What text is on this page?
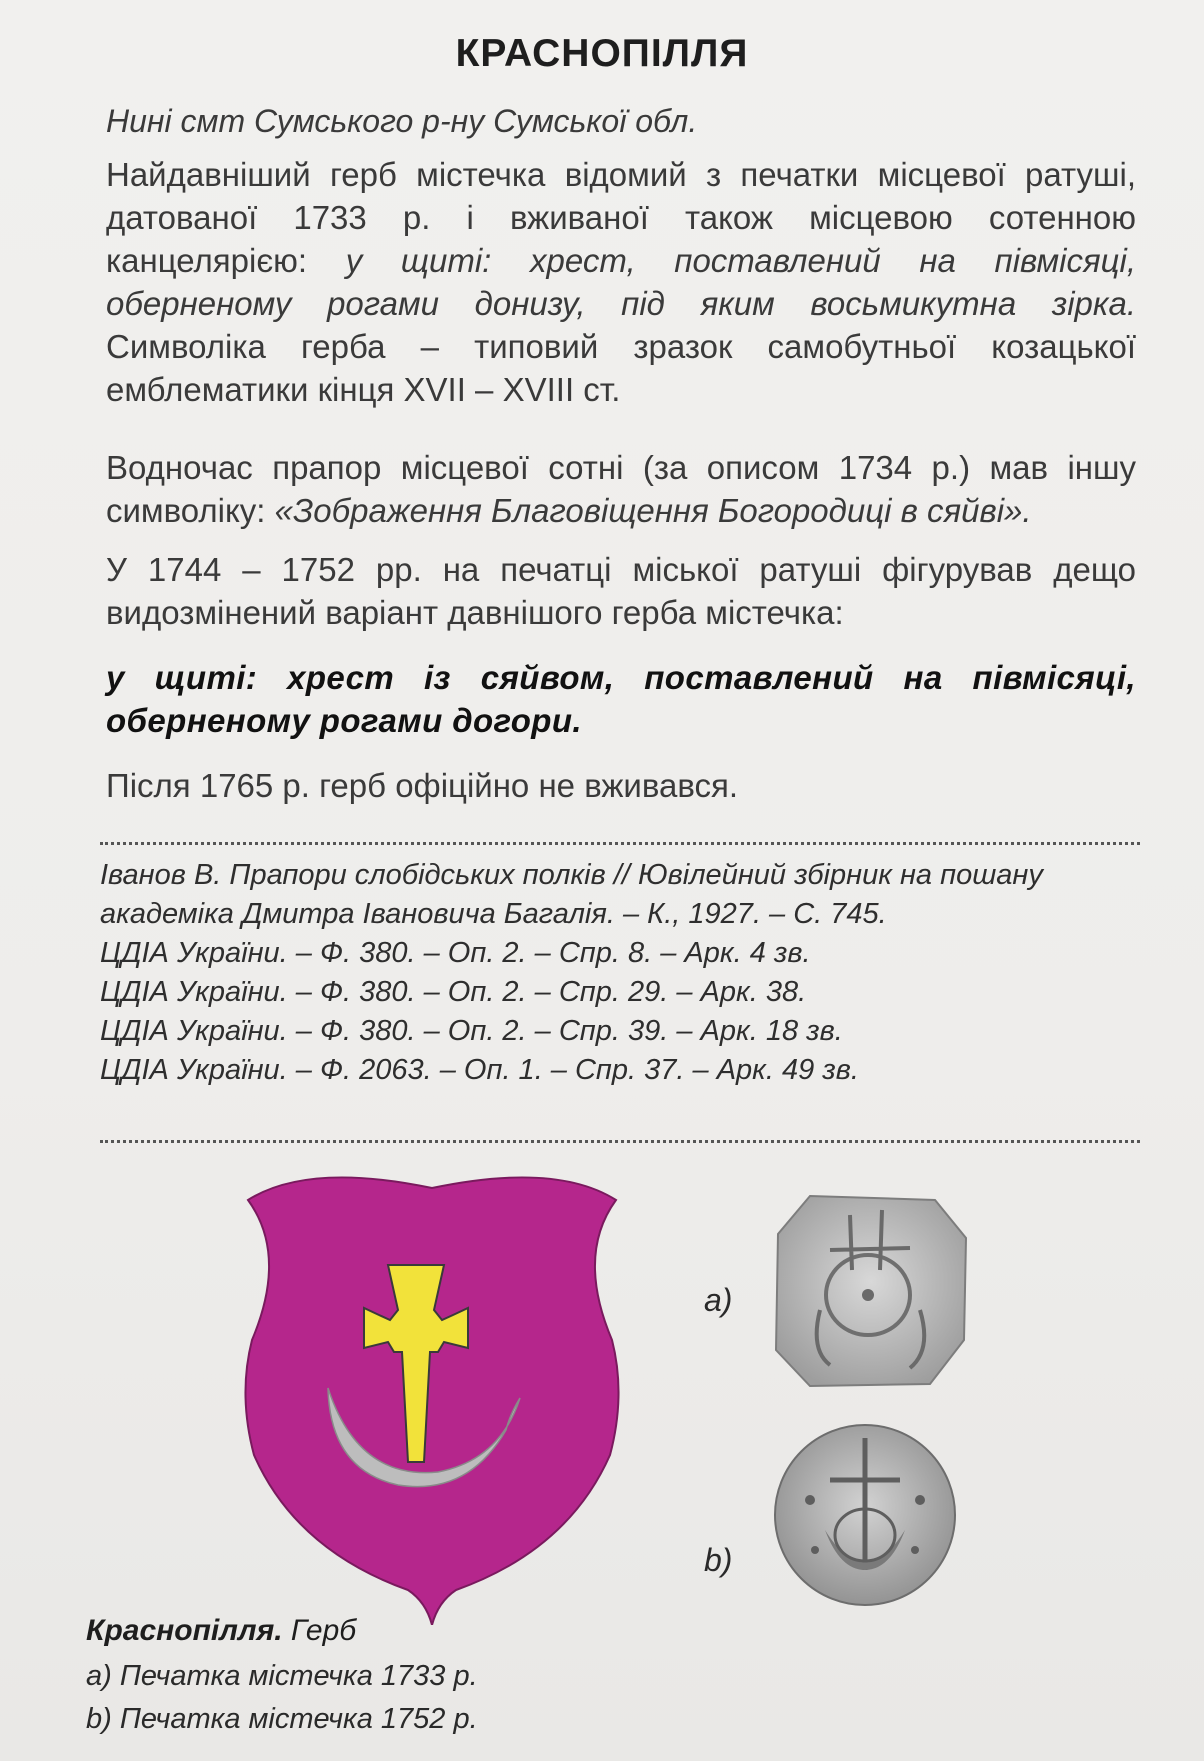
КРАСНОПІЛЛЯ
Нині смт Сумського р-ну Сумської обл.
Найдавніший герб містечка відомий з печатки місцевої ратуші, датованої 1733 р. і вживаної також місцевою сотенною канцелярією: у щиті: хрест, поставлений на півмісяці, оберненому рогами донизу, під яким восьмикутна зірка. Символіка герба – типовий зразок самобутньої козацької емблематики кінця XVII – XVIII ст.
Водночас прапор місцевої сотні (за описом 1734 р.) мав іншу символіку: «Зображення Благовіщення Богородиці в сяйві».
У 1744 – 1752 рр. на печатці міської ратуші фігурував дещо видозмінений варіант давнішого герба містечка:
у щиті: хрест із сяйвом, поставлений на півмісяці, оберненому рогами догори.
Після 1765 р. герб офіційно не вживався.
Іванов В. Прапори слобідських полків // Ювілейний збірник на пошану
академіка Дмитра Івановича Багалія. – К., 1927. – С. 745.
ЦДІА України. – Ф. 380. – Оп. 2. – Спр. 8. – Арк. 4 зв.
ЦДІА України. – Ф. 380. – Оп. 2. – Спр. 29. – Арк. 38.
ЦДІА України. – Ф. 380. – Оп. 2. – Спр. 39. – Арк. 18 зв.
ЦДІА України. – Ф. 2063. – Оп. 1. – Спр. 37. – Арк. 49 зв.
a)
b)
Краснопілля. Герб
a) Печатка містечка 1733 р.
b) Печатка містечка 1752 р.
